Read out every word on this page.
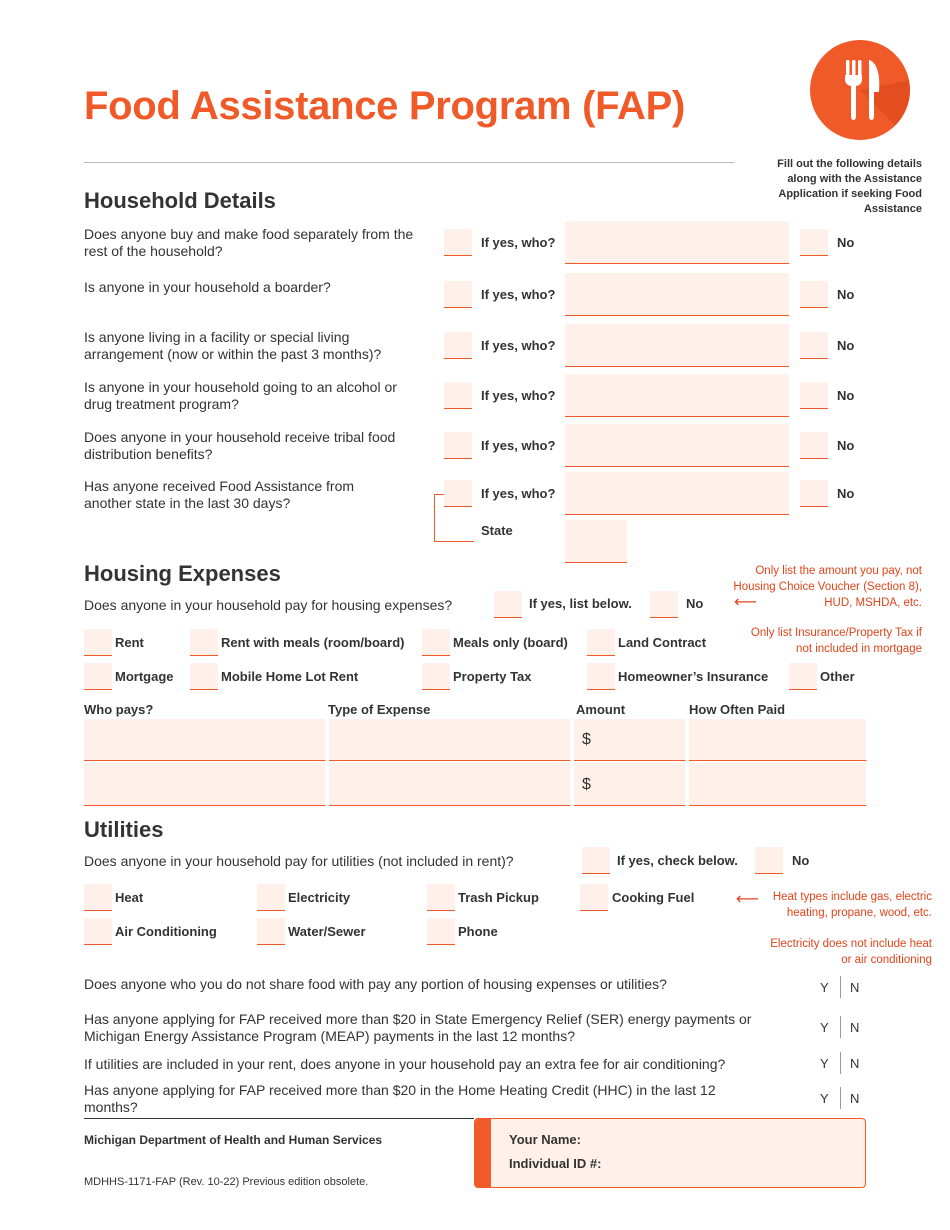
Food Assistance Program (FAP)
Fill out the following details along with the Assistance Application if seeking Food Assistance
Household Details
Does anyone buy and make food separately from the rest of the household?
If yes, who?	No
Is anyone in your household a boarder?	If yes, who?	No
Is anyone living in a facility or special living arrangement (now or within the past 3 months)?
If yes, who?	No
Is anyone in your household going to an alcohol or drug treatment program?
If yes, who?	No
Does anyone in your household receive tribal food distribution benefits?
If yes, who?	No
Has anyone received Food Assistance from another state in the last 30 days?
If yes, who?	No
State
Housing Expenses
Does anyone in your household pay for housing expenses?	If yes, list below.	No ⟵
Only list the amount you pay, not Housing Choice Voucher (Section 8), HUD, MSHDA, etc.
Only list Insurance/Property Tax if not included in mortgage
Rent	Rent with meals (room/board)	Meals only (board)	Land Contract
Mortgage	Mobile Home Lot Rent	Property Tax	Homeowner’s Insurance	Other
Who pays?	Type of Expense	Amount	How Often Paid
$
$
Utilities
Does anyone in your household pay for utilities (not included in rent)?	If yes, check below.	No
Heat	Electricity	Trash Pickup	Cooking Fuel	⟵	Heat types include gas, electric heating, propane, wood, etc.
Air Conditioning	Water/Sewer	Phone
Electricity does not include heat or air conditioning
Does anyone who you do not share food with pay any portion of housing expenses or utilities?	Y N
Has anyone applying for FAP received more than $20 in State Emergency Relief (SER) energy payments or Michigan Energy Assistance Program (MEAP) payments in the last 12 months?
Y N
If utilities are included in your rent, does anyone in your household pay an extra fee for air conditioning?	Y N
Has anyone applying for FAP received more than $20 in the Home Heating Credit (HHC) in the last 12 months?
Y N
Michigan Department of Health and Human Services
MDHHS-1171-FAP (Rev. 10-22) Previous edition obsolete.
Your Name:
Individual ID #:
